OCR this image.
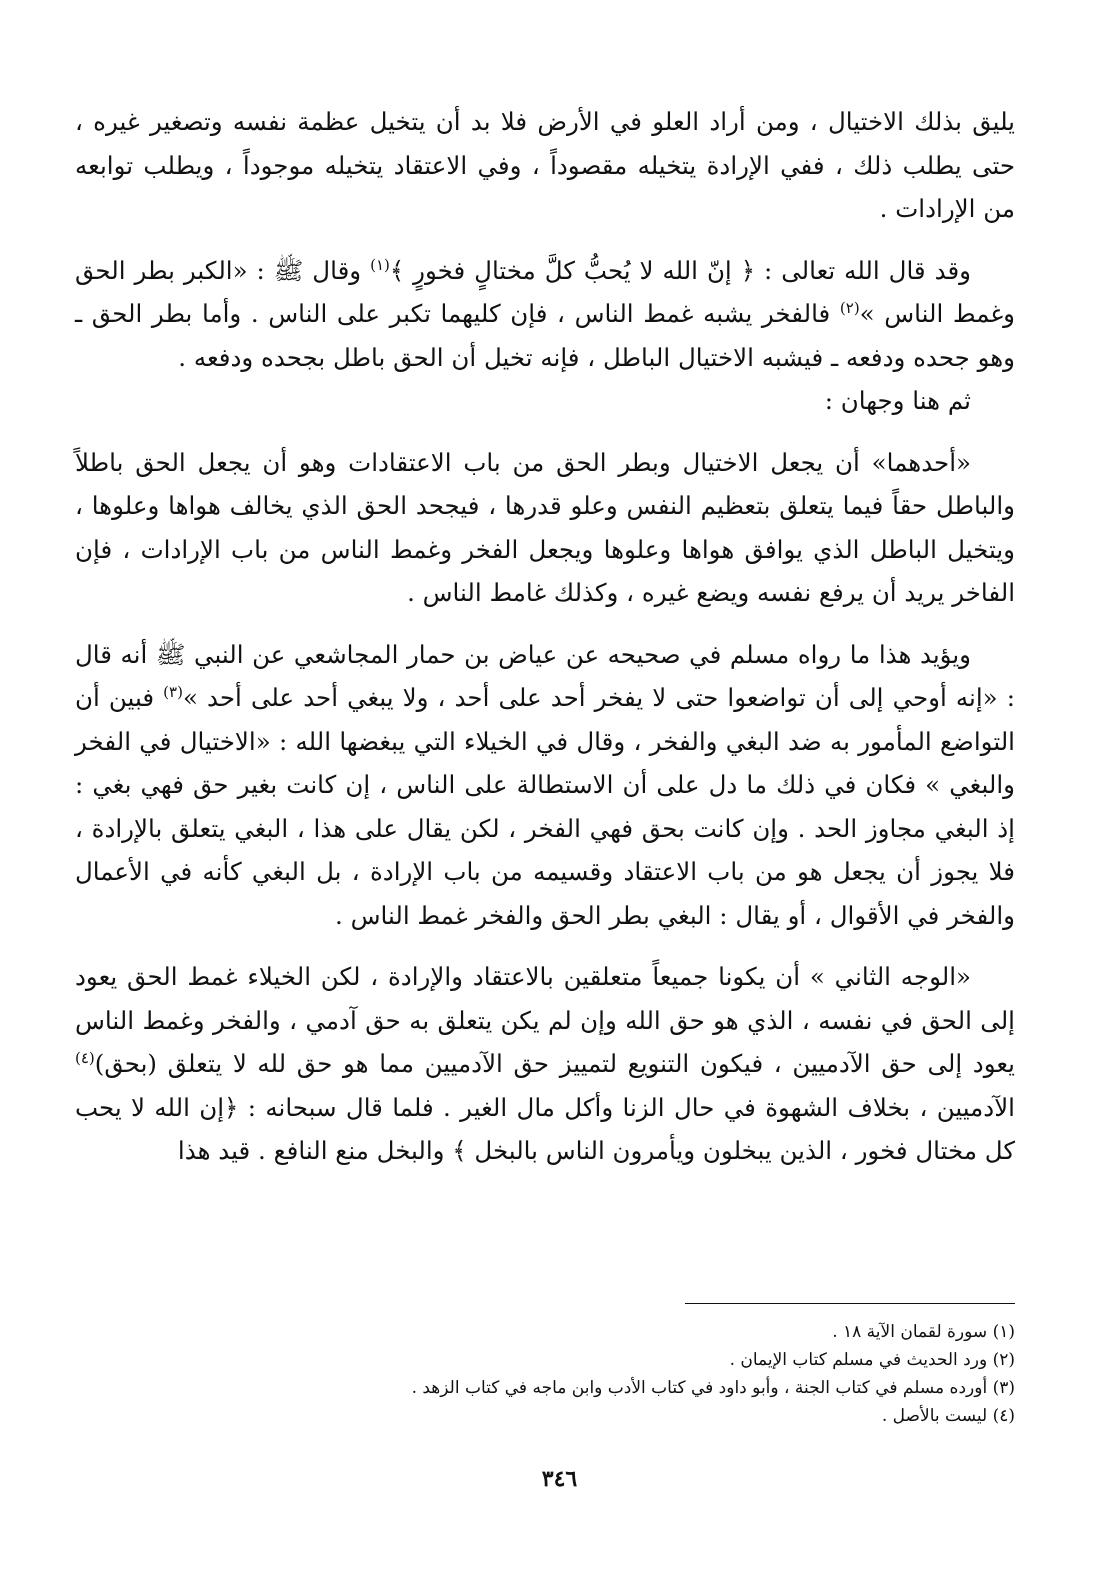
يليق بذلك الاختيال ، ومن أراد العلو في الأرض فلا بد أن يتخيل عظمة نفسه وتصغير غيره ، حتى يطلب ذلك ، ففي الإرادة يتخيله مقصوداً ، وفي الاعتقاد يتخيله موجوداً ، ويطلب توابعه من الإرادات .

وقد قال الله تعالى : ﴿ إنّ الله لا يُحبُّ كلَّ مختالٍ فخورٍ ﴾$^{(١)}$ وقال ﷺ : «الكبر بطر الحق وغمط الناس »$^{(٢)}$ فالفخر يشبه غمط الناس ، فإن كليهما تكبر على الناس . وأما بطر الحق ـ وهو جحده ودفعه ـ فيشبه الاختيال الباطل ، فإنه تخيل أن الحق باطل بجحده ودفعه .

ثم هنا وجهان :

«أحدهما» أن يجعل الاختيال وبطر الحق من باب الاعتقادات وهو أن يجعل الحق باطلاً والباطل حقاً فيما يتعلق بتعظيم النفس وعلو قدرها ، فيجحد الحق الذي يخالف هواها وعلوها ، ويتخيل الباطل الذي يوافق هواها وعلوها ويجعل الفخر وغمط الناس من باب الإرادات ، فإن الفاخر يريد أن يرفع نفسه ويضع غيره ، وكذلك غامط الناس .

ويؤيد هذا ما رواه مسلم في صحيحه عن عياض بن حمار المجاشعي عن النبي ﷺ أنه قال : «إنه أوحي إلى أن تواضعوا حتى لا يفخر أحد على أحد ، ولا يبغي أحد على أحد »$^{(٣)}$ فبين أن التواضع المأمور به ضد البغي والفخر ، وقال في الخيلاء التي يبغضها الله : «الاختيال في الفخر والبغي » فكان في ذلك ما دل على أن الاستطالة على الناس ، إن كانت بغير حق فهي بغي : إذ البغي مجاوز الحد . وإن كانت بحق فهي الفخر ، لكن يقال على هذا ، البغي يتعلق بالإرادة ، فلا يجوز أن يجعل هو من باب الاعتقاد وقسيمه من باب الإرادة ، بل البغي كأنه في الأعمال والفخر في الأقوال ، أو يقال : البغي بطر الحق والفخر غمط الناس .

«الوجه الثاني » أن يكونا جميعاً متعلقين بالاعتقاد والإرادة ، لكن الخيلاء غمط الحق يعود إلى الحق في نفسه ، الذي هو حق الله وإن لم يكن يتعلق به حق آدمي ، والفخر وغمط الناس يعود إلى حق الآدميين ، فيكون التنويع لتمييز حق الآدميين مما هو حق لله لا يتعلق (بحق)$^{(٤)}$ الآدميين ، بخلاف الشهوة في حال الزنا وأكل مال الغير . فلما قال سبحانه : ﴿إن الله لا يحب كل مختال فخور ، الذين يبخلون ويأمرون الناس بالبخل ﴾ والبخل منع النافع . قيد هذا

(١) سورة لقمان الآية ١٨ .
(٢) ورد الحديث في مسلم كتاب الإيمان .
(٣) أورده مسلم في كتاب الجنة ، وأبو داود في كتاب الأدب وابن ماجه في كتاب الزهد .
(٤) ليست بالأصل .
٣٤٦
